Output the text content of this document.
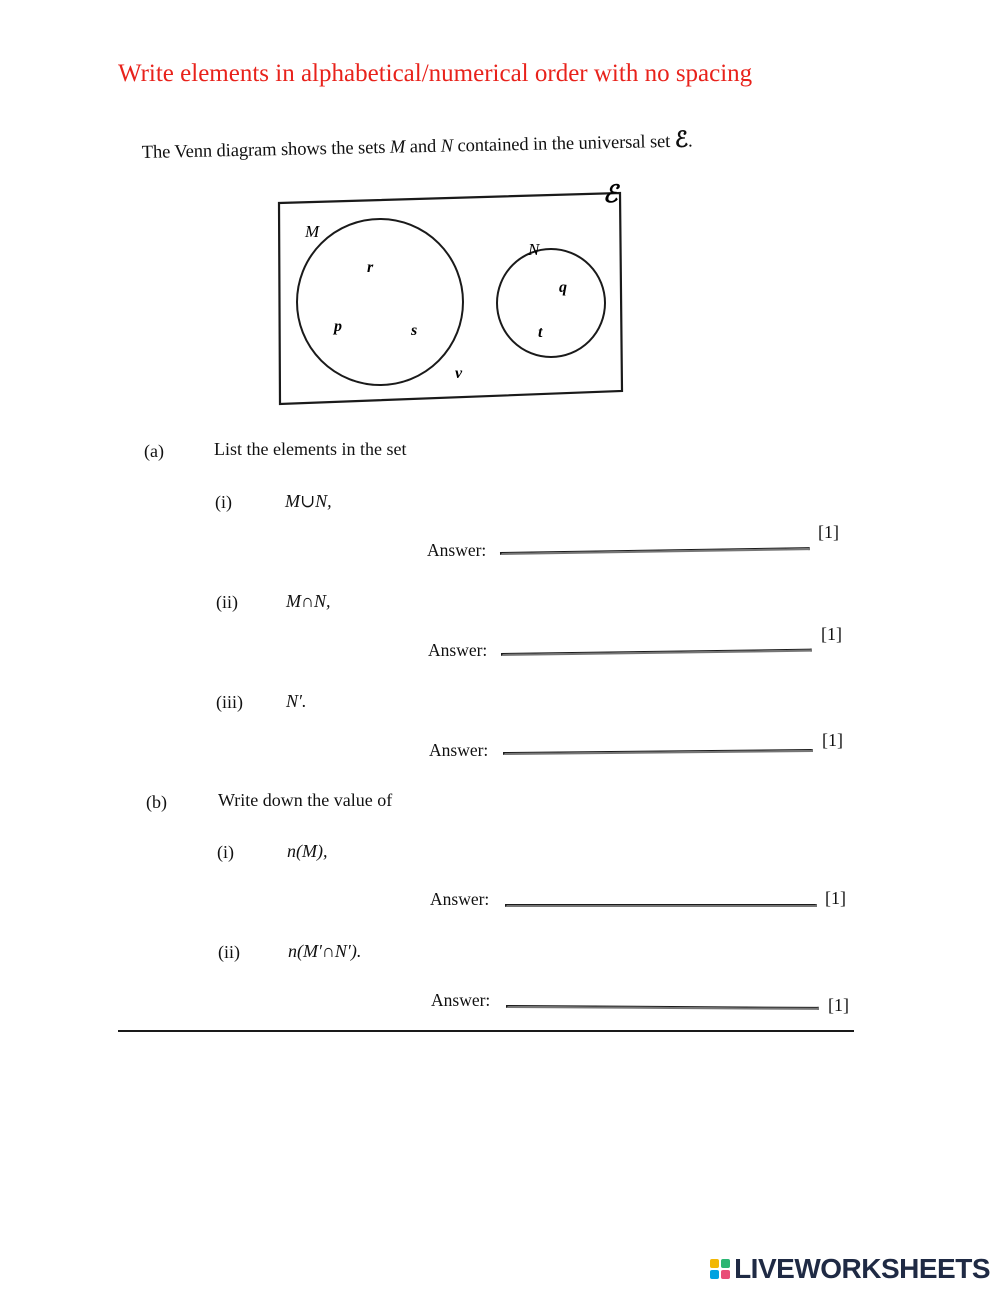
Write elements in alphabetical/numerical order with no spacing
The Venn diagram shows the sets M and N contained in the universal set ℰ.
ℰ
M
N
r
p	s
q
t
v
(a)	List the elements in the set
(i)	M∪N,
Answer:
[1]
(ii)	M∩N,
Answer:
[1]
(iii) N′.
Answer:	[1]
(b)	Write down the value of
(i)	n(M),
Answer:	[1]
(ii)	n(M′∩N′).
Answer:	[1]
LIVEWORKSHEETS
